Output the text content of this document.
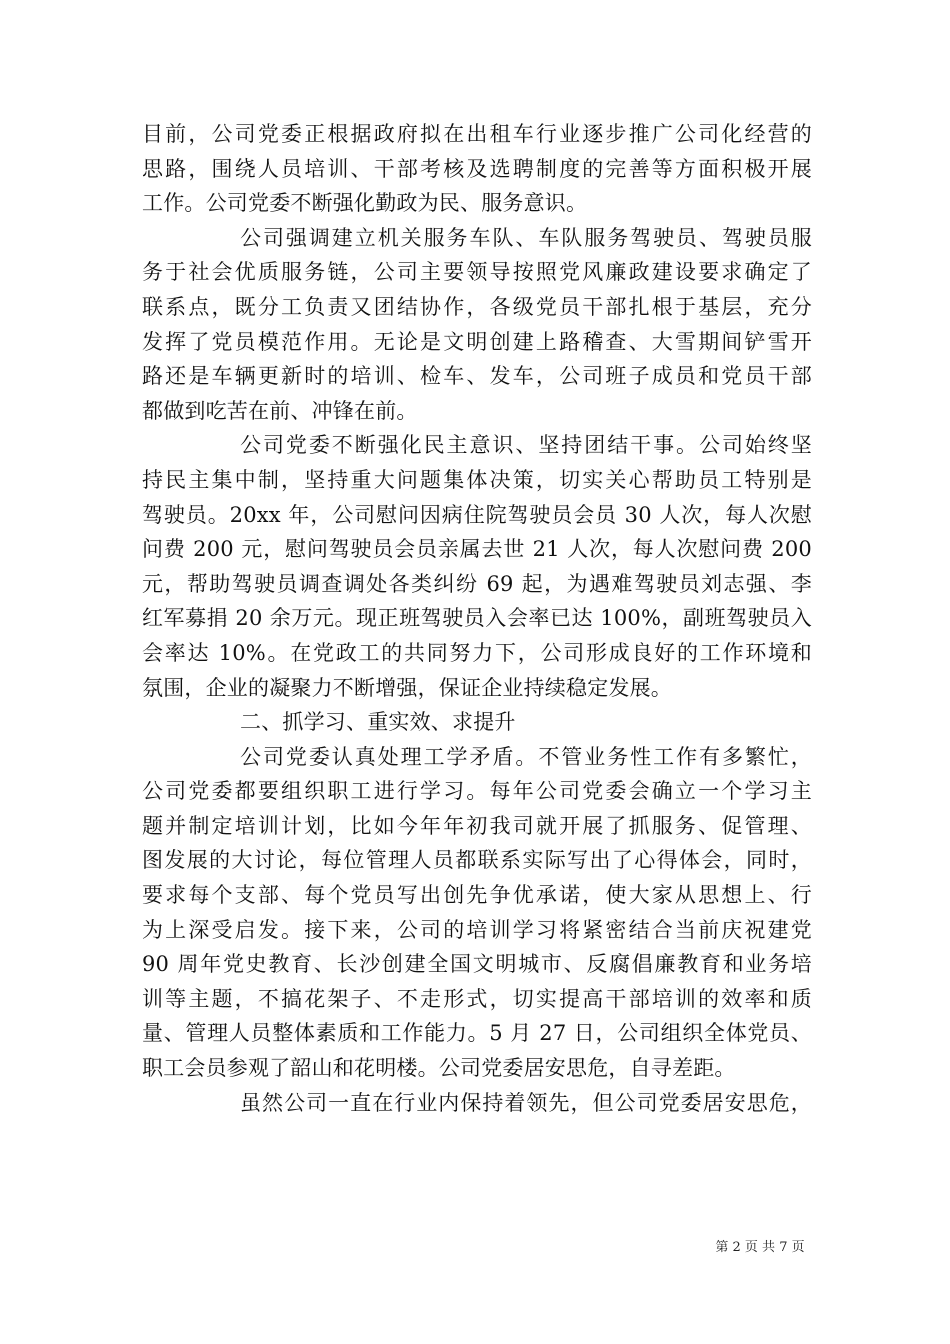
目前，公司党委正根据政府拟在出租车行业逐步推广公司化经营的
思路，围绕人员培训、干部考核及选聘制度的完善等方面积极开展
工作。公司党委不断强化勤政为民、服务意识。
公司强调建立机关服务车队、车队服务驾驶员、驾驶员服
务于社会优质服务链，公司主要领导按照党风廉政建设要求确定了
联系点，既分工负责又团结协作，各级党员干部扎根于基层，充分
发挥了党员模范作用。无论是文明创建上路稽查、大雪期间铲雪开
路还是车辆更新时的培训、检车、发车，公司班子成员和党员干部
都做到吃苦在前、冲锋在前。
公司党委不断强化民主意识、坚持团结干事。公司始终坚
持民主集中制，坚持重大问题集体决策，切实关心帮助员工特别是
驾驶员。20xx 年，公司慰问因病住院驾驶员会员 30 人次，每人次慰
问费 200 元，慰问驾驶员会员亲属去世 21 人次，每人次慰问费 200
元，帮助驾驶员调查调处各类纠纷 69 起，为遇难驾驶员刘志强、李
红军募捐 20 余万元。现正班驾驶员入会率已达 100%，副班驾驶员入
会率达 10%。在党政工的共同努力下，公司形成良好的工作环境和
氛围，企业的凝聚力不断增强，保证企业持续稳定发展。
二、抓学习、重实效、求提升
公司党委认真处理工学矛盾。不管业务性工作有多繁忙，
公司党委都要组织职工进行学习。每年公司党委会确立一个学习主
题并制定培训计划，比如今年年初我司就开展了抓服务、促管理、
图发展的大讨论，每位管理人员都联系实际写出了心得体会，同时，
要求每个支部、每个党员写出创先争优承诺，使大家从思想上、行
为上深受启发。接下来，公司的培训学习将紧密结合当前庆祝建党
90 周年党史教育、长沙创建全国文明城市、反腐倡廉教育和业务培
训等主题，不搞花架子、不走形式，切实提高干部培训的效率和质
量、管理人员整体素质和工作能力。5 月 27 日，公司组织全体党员、
职工会员参观了韶山和花明楼。公司党委居安思危，自寻差距。
虽然公司一直在行业内保持着领先，但公司党委居安思危，
第 2 页 共 7 页
